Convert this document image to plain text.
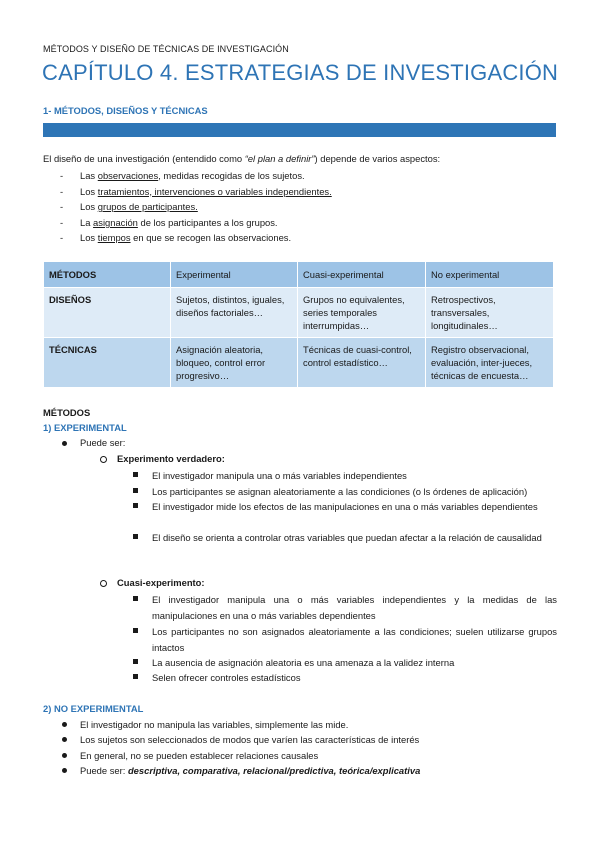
MÉTODOS Y DISEÑO DE TÉCNICAS DE INVESTIGACIÓN
CAPÍTULO 4. ESTRATEGIAS DE INVESTIGACIÓN
1- MÉTODOS, DISEÑOS Y TÉCNICAS
El diseño de una investigación (entendido como “el plan a definir”) depende de varios aspectos:
- Las observaciones, medidas recogidas de los sujetos.
- Los tratamientos, intervenciones o variables independientes.
- Los grupos de participantes.
- La asignación de los participantes a los grupos.
- Los tiempos en que se recogen las observaciones.
MÉTODOS	Experimental	Cuasi-experimental	No experimental
DISEÑOS	Sujetos, distintos, iguales, diseños factoriales…	Grupos no equivalentes, series temporales interrumpidas…	Retrospectivos, transversales, longitudinales…
TÉCNICAS	Asignación aleatoria, bloqueo, control error progresivo…	Técnicas de cuasi-control, control estadístico…	Registro observacional, evaluación, inter-jueces, técnicas de encuesta…
MÉTODOS
1) EXPERIMENTAL
Puede ser:
Experimento verdadero:
El investigador manipula una o más variables independientes
Los participantes se asignan aleatoriamente a las condiciones (o ls órdenes de aplicación)
El investigador mide los efectos de las manipulaciones en una o más variables dependientes
El diseño se orienta a controlar otras variables que puedan afectar a la relación de causalidad
Cuasi-experimento:
El investigador manipula una o más variables independientes y la medidas de las manipulaciones en una o más variables dependientes
Los participantes no son asignados aleatoriamente a las condiciones; suelen utilizarse grupos intactos
La ausencia de asignación aleatoria es una amenaza a la validez interna
Selen ofrecer controles estadísticos
2) NO EXPERIMENTAL
El investigador no manipula las variables, simplemente las mide.
Los sujetos son seleccionados de modos que varíen las características de interés
En general, no se pueden establecer relaciones causales
Puede ser: descriptiva, comparativa, relacional/predictiva, teórica/explicativa
